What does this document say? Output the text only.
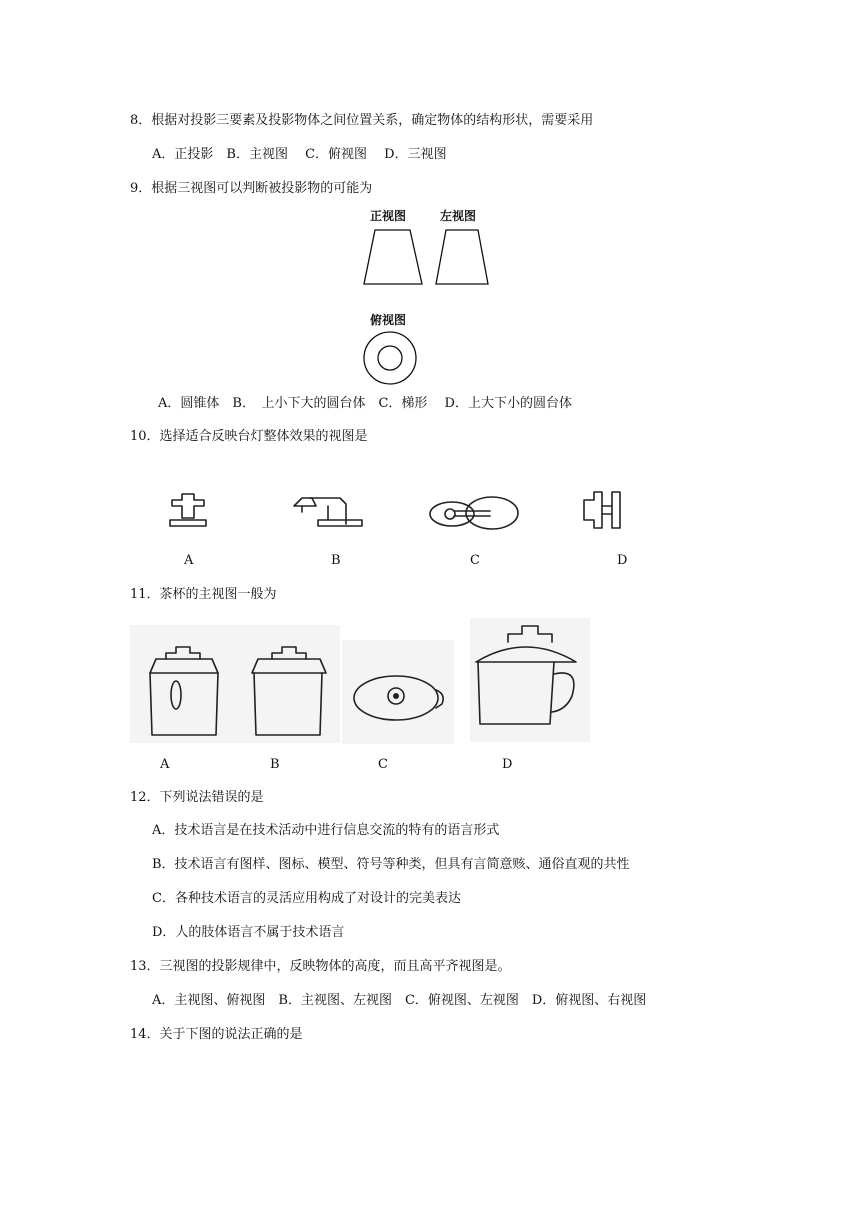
8．根据对投影三要素及投影物体之间位置关系，确定物体的结构形状，需要采用
A．正投影　B．主视图　 C．俯视图　 D．三视图
9．根据三视图可以判断被投影物的可能为
正视图	左视图
俯视图
A．圆锥体　B．　上小下大的圆台体　C．梯形　 D．上大下小的圆台体
10．选择适合反映台灯整体效果的视图是
A	B	C	D
11．茶杯的主视图一般为
A	B	C	D
12．下列说法错误的是
A．技术语言是在技术活动中进行信息交流的特有的语言形式
B．技术语言有图样、图标、模型、符号等种类，但具有言简意赅、通俗直观的共性
C．各种技术语言的灵活应用构成了对设计的完美表达
D．人的肢体语言不属于技术语言
13．三视图的投影规律中，反映物体的高度，而且高平齐视图是。
A．主视图、俯视图　B．主视图、左视图　C．俯视图、左视图　D．俯视图、右视图
14．关于下图的说法正确的是
